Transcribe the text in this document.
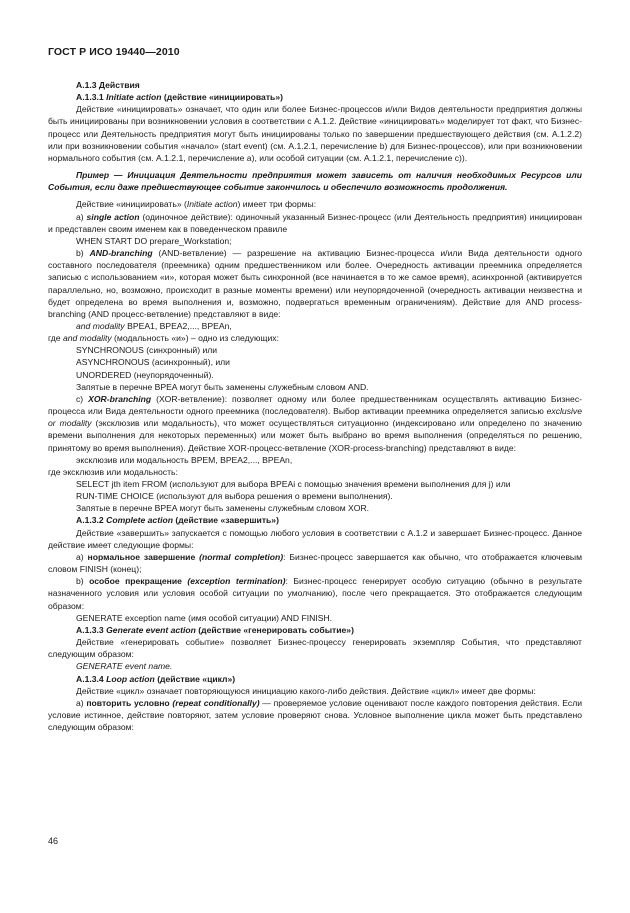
ГОСТ Р ИСО 19440—2010

A.1.3 Действия

A.1.3.1 Initiate action (действие «инициировать»)

Действие «инициировать» означает, что один или более Бизнес-процессов и/или Видов деятельности предприятия должны быть инициированы при возникновении условия в соответствии с А.1.2. Действие «инициировать» моделирует тот факт, что Бизнес-процесс или Деятельность предприятия могут быть инициированы только по завершении предшествующего действия (см. А.1.2.2) или при возникновении события «начало» (start event) (см. А.1.2.1, перечисление b) для Бизнес-процессов), или при возникновении нормального события (см. А.1.2.1, перечисление а), или особой ситуации (см. А.1.2.1, перечисление с)).

Пример — Инициация Деятельности предприятия может зависеть от наличия необходимых Ресурсов или События, если даже предшествующее событие закончилось и обеспечило возможность продолжения.

Действие «инициировать» (Initiate action) имеет три формы:

а) single action (одиночное действие): одиночный указанный Бизнес-процесс (или Деятельность предприятия) инициирован и представлен своим именем как в поведенческом правиле

WHEN START DO prepare_Workstation;

b) AND-branching (AND-ветвление) — разрешение на активацию Бизнес-процесса и/или Вида деятельности одного составного последователя (преемника) одним предшественником или более. Очередность активации преемника определяется записью с использованием «и», которая может быть синхронной (все начинается в то же самое время), асинхронной (активируется параллельно, но, возможно, происходит в разные моменты времени) или неупорядоченной (очередность активации неизвестна и будет определена во время выполнения и, возможно, подвергаться временным ограничениям). Действие для AND process-branching (AND процесс-ветвление) представляют в виде:

and modality BPEA1, BPEA2,..., BPEAn,

где and modality (модальность «и») – одно из следующих:

SYNCHRONOUS (синхронный) или

ASYNCHRONOUS (асинхронный), или

UNORDERED (неупорядоченный).

Запятые в перечне BPEA могут быть заменены служебным словом AND.

с) XOR-branching (XOR-ветвление): позволяет одному или более предшественникам осуществлять активацию Бизнес-процесса или Вида деятельности одного преемника (последователя). Выбор активации преемника определяется записью exclusive or modality (эксклюзив или модальность), что может осуществляться ситуационно (индексировано или определено по значению времени выполнения для некоторых переменных) или может быть выбрано во время выполнения (определяться по решению, принятому во время выполнения). Действие XOR-процесс-ветвление (XOR-process-branching) представляют в виде:

эксклюзив или модальность BPEM, BPEA2,..., BPEAn,

где эксклюзив или модальность:

SELECT jth item FROM (используют для выбора BPEAi с помощью значения времени выполнения для j) или

RUN-TIME CHOICE (используют для выбора решения о времени выполнения).

Запятые в перечне BPEA могут быть заменены служебным словом XOR.

A.1.3.2 Complete action (действие «завершить»)

Действие «завершить» запускается с помощью любого условия в соответствии с А.1.2 и завершает Бизнес-процесс. Данное действие имеет следующие формы:

а) нормальное завершение (normal completion): Бизнес-процесс завершается как обычно, что отображается ключевым словом FINISH (конец);

b) особое прекращение (exception termination): Бизнес-процесс генерирует особую ситуацию (обычно в результате назначенного условия или условия особой ситуации по умолчанию), после чего прекращается. Это отображается следующим образом:

GENERATE exception name (имя особой ситуации) AND FINISH.

A.1.3.3 Generate event action (действие «генерировать событие»)

Действие «генерировать событие» позволяет Бизнес-процессу генерировать экземпляр События, что представляют следующим образом:

GENERATE event name.

A.1.3.4 Loop action (действие «цикл»)

Действие «цикл» означает повторяющуюся инициацию какого-либо действия. Действие «цикл» имеет две формы:

а) повторить условно (repeat conditionally) — проверяемое условие оценивают после каждого повторения действия. Если условие истинное, действие повторяют, затем условие проверяют снова. Условное выполнение цикла может быть представлено следующим образом:

46
